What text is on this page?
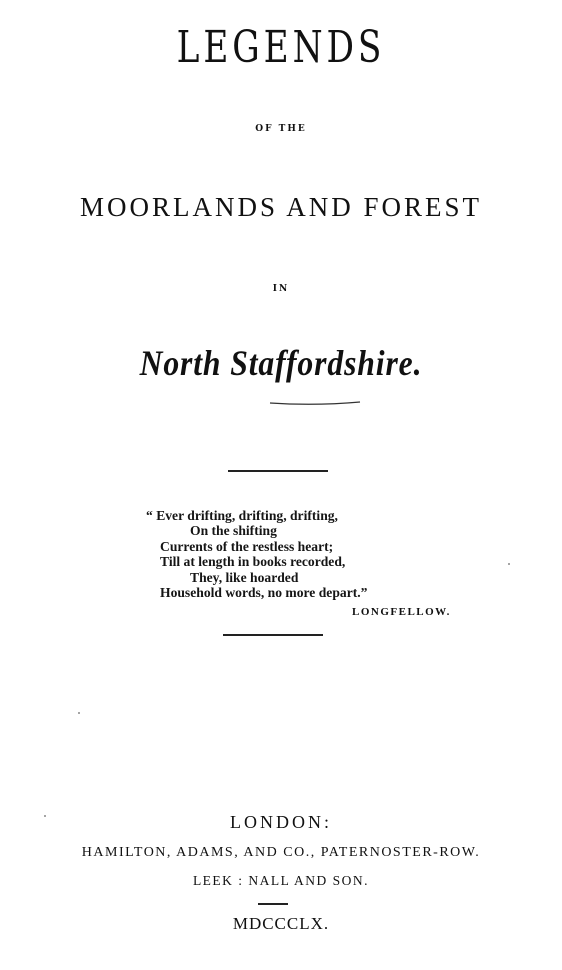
LEGENDS
OF THE
MOORLANDS AND FOREST
IN
North Staffordshire.
“ Ever drifting, drifting, drifting,
On the shifting
Currents of the restless heart;
Till at length in books recorded,
They, like hoarded
Household words, no more depart.”
LONGFELLOW.
LONDON:
HAMILTON, ADAMS, AND CO., PATERNOSTER-ROW.
LEEK : NALL AND SON.
MDCCCLX.
